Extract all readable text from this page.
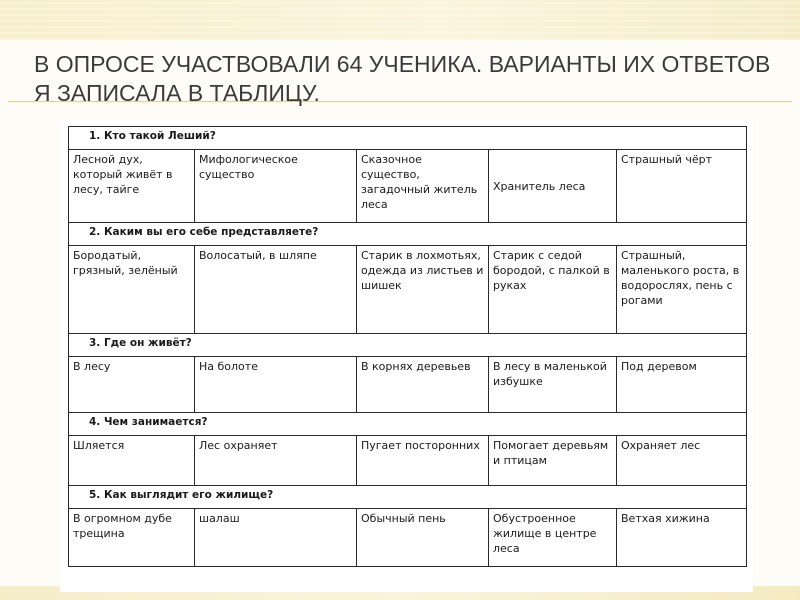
В ОПРОСЕ УЧАСТВОВАЛИ 64 УЧЕНИКА. ВАРИАНТЫ ИХ ОТВЕТОВ Я ЗАПИСАЛА В ТАБЛИЦУ.
1. Кто такой Леший?				
Лесной дух, который живёт в лесу, тайге	Мифологическое существо	Сказочное существо, загадочный житель леса	Хранитель леса	Страшный чёрт
2. Каким вы его себе представляете?				
Бородатый, грязный, зелёный	Волосатый, в шляпе	Старик в лохмотьях, одежда из листьев и шишек	Старик с седой бородой, с палкой в руках	Страшный, маленького роста, в водорослях, пень с рогами
3. Где он живёт?				
В лесу	На болоте	В корнях деревьев	В лесу в маленькой избушке	Под деревом
4. Чем занимается?				
Шляется	Лес охраняет	Пугает посторонних	Помогает деревьям и птицам	Охраняет лес
5. Как выглядит его жилище?				
В огромном дубе трещина	шалаш	Обычный пень	Обустроенное жилище в центре леса	Ветхая хижина
